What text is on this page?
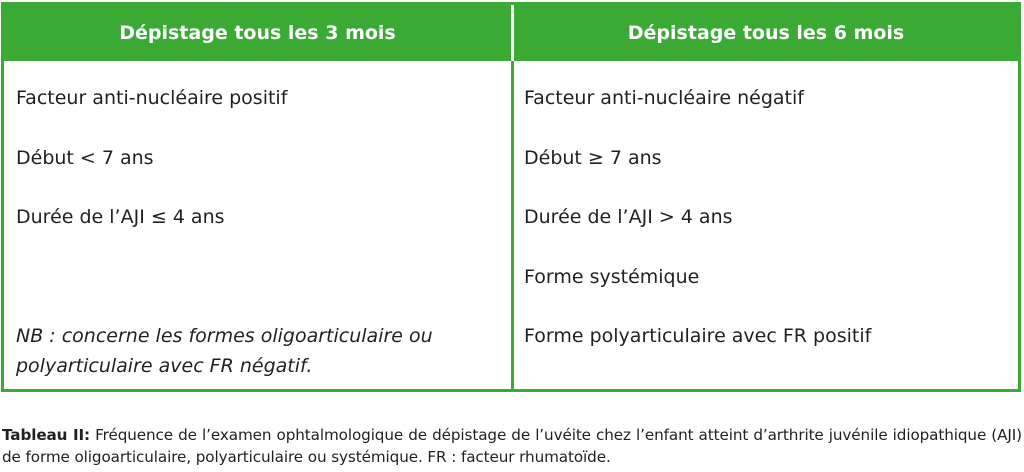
Dépistage tous les 3 mois	Dépistage tous les 6 mois
Facteur anti-nucléaire positif
Début < 7 ans
Durée de l’AJI ≤ 4 ans
NB : concerne les formes oligoarticulaire ou polyarticulaire avec FR négatif.
Facteur anti-nucléaire négatif
Début ≥ 7 ans
Durée de l’AJI > 4 ans
Forme systémique
Forme polyarticulaire avec FR positif
Tableau II: Fréquence de l’examen ophtalmologique de dépistage de l’uvéite chez l’enfant atteint d’arthrite juvénile idiopathique (AJI) de forme oligoarticulaire, polyarticulaire ou systémique. FR : facteur rhumatoïde.
